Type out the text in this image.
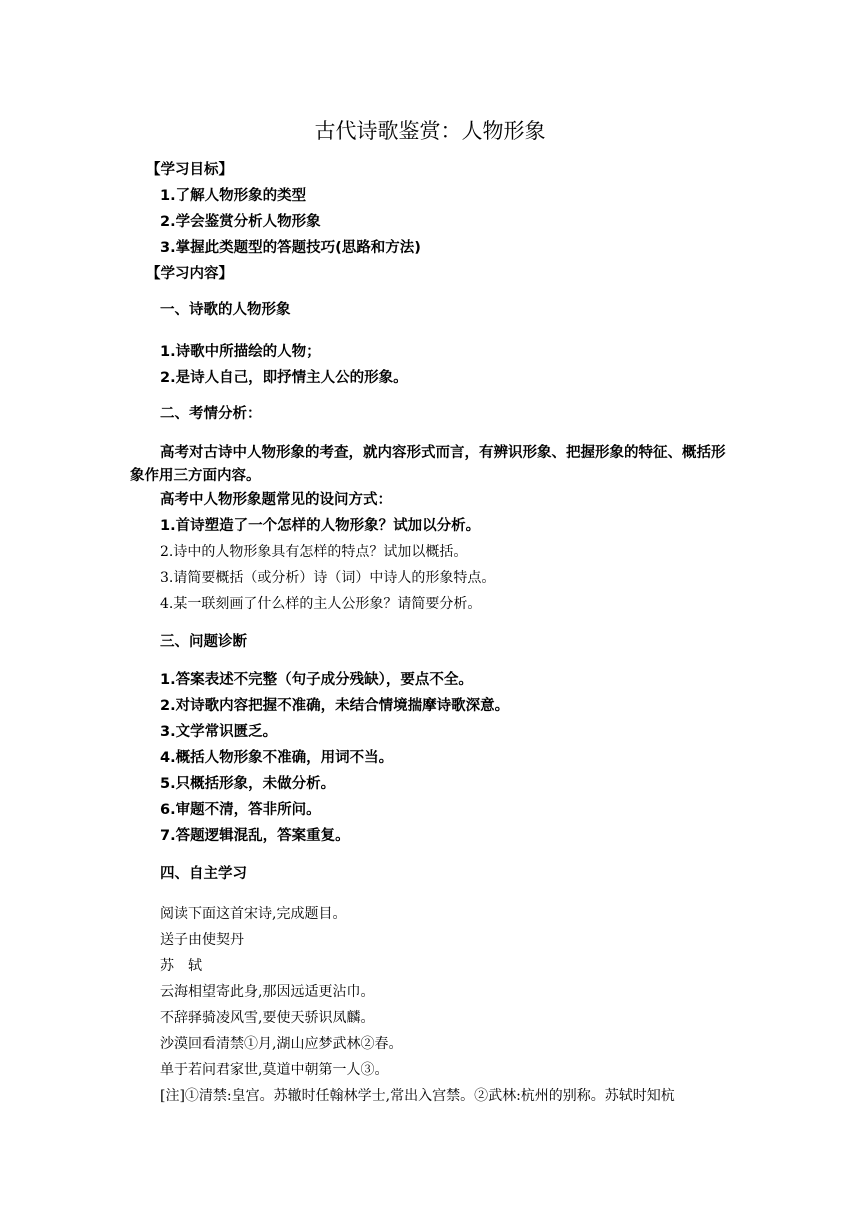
古代诗歌鉴赏：人物形象
【学习目标】
1.了解人物形象的类型
2.学会鉴赏分析人物形象
3.掌握此类题型的答题技巧(思路和方法)
【学习内容】
一、诗歌的人物形象
1.诗歌中所描绘的人物；
2.是诗人自己，即抒情主人公的形象。
二、考情分析：
高考对古诗中人物形象的考查，就内容形式而言，有辨识形象、把握形象的特征、概括形象作用三方面内容。
高考中人物形象题常见的设问方式：
1.首诗塑造了一个怎样的人物形象？试加以分析。
2.诗中的人物形象具有怎样的特点？试加以概括。
3.请简要概括（或分析）诗（词）中诗人的形象特点。
4.某一联刻画了什么样的主人公形象？请简要分析。
三、问题诊断
1.答案表述不完整（句子成分残缺），要点不全。
2.对诗歌内容把握不准确，未结合情境揣摩诗歌深意。
3.文学常识匮乏。
4.概括人物形象不准确，用词不当。
5.只概括形象，未做分析。
6.审题不清，答非所问。
7.答题逻辑混乱，答案重复。
四、自主学习
阅读下面这首宋诗,完成题目。
送子由使契丹
苏　轼
云海相望寄此身,那因远适更沾巾。
不辞驿骑凌风雪,要使天骄识凤麟。
沙漠回看清禁①月,湖山应梦武林②春。
单于若问君家世,莫道中朝第一人③。
[注]①清禁:皇宫。苏辙时任翰林学士,常出入宫禁。②武林:杭州的别称。苏轼时知杭
